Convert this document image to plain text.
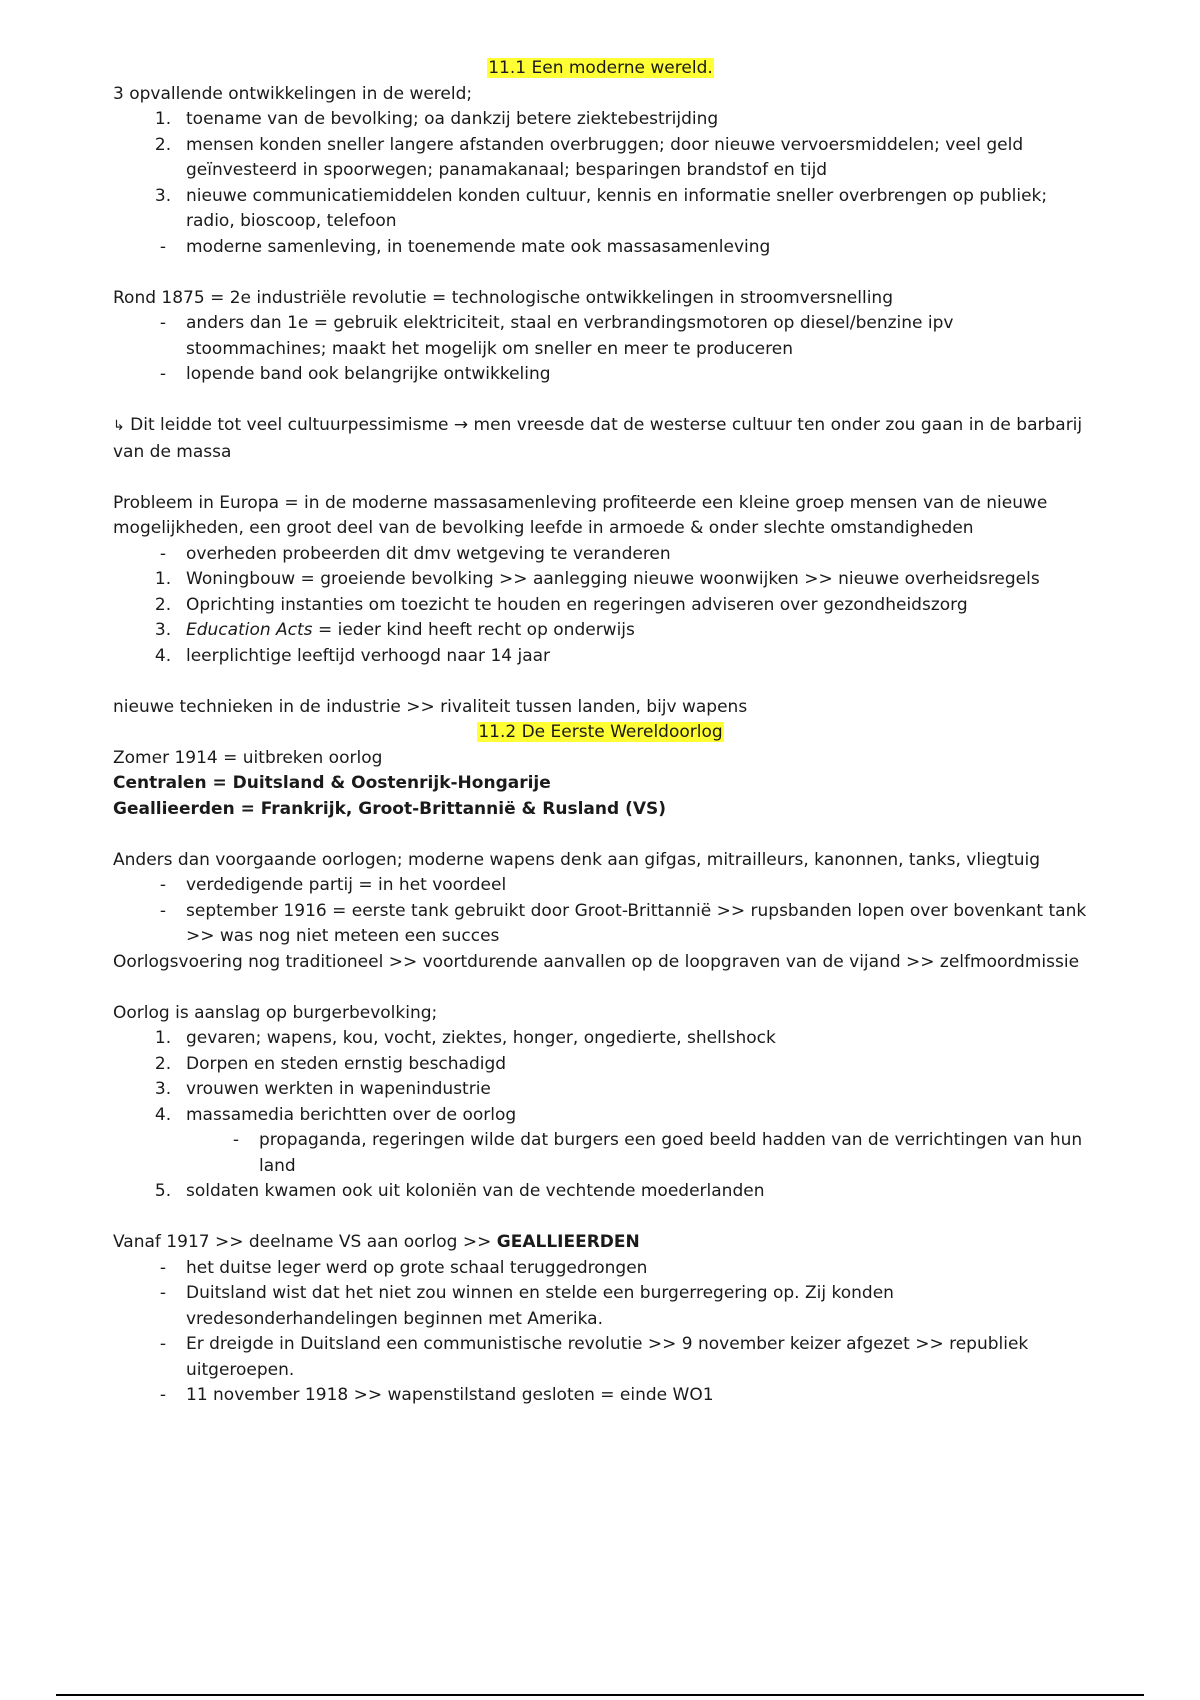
11.1 Een moderne wereld.
3 opvallende ontwikkelingen in de wereld;
1. toename van de bevolking; oa dankzij betere ziektebestrijding
2. mensen konden sneller langere afstanden overbruggen; door nieuwe vervoersmiddelen; veel geld geïnvesteerd in spoorwegen; panamakanaal; besparingen brandstof en tijd
3. nieuwe communicatiemiddelen konden cultuur, kennis en informatie sneller overbrengen op publiek; radio, bioscoop, telefoon
-	moderne samenleving, in toenemende mate ook massasamenleving
Rond 1875 = 2e industriële revolutie = technologische ontwikkelingen in stroomversnelling
-	anders dan 1e = gebruik elektriciteit, staal en verbrandingsmotoren op diesel/benzine ipv stoommachines; maakt het mogelijk om sneller en meer te produceren
-	lopende band ook belangrijke ontwikkeling
↳ Dit leidde tot veel cultuurpessimisme → men vreesde dat de westerse cultuur ten onder zou gaan in de barbarij van de massa
Probleem in Europa = in de moderne massasamenleving profiteerde een kleine groep mensen van de nieuwe mogelijkheden, een groot deel van de bevolking leefde in armoede & onder slechte omstandigheden
-	overheden probeerden dit dmv wetgeving te veranderen
1. Woningbouw = groeiende bevolking >> aanlegging nieuwe woonwijken >> nieuwe overheidsregels
2. Oprichting instanties om toezicht te houden en regeringen adviseren over gezondheidszorg
3. Education Acts = ieder kind heeft recht op onderwijs
4. leerplichtige leeftijd verhoogd naar 14 jaar
nieuwe technieken in de industrie >> rivaliteit tussen landen, bijv wapens
11.2 De Eerste Wereldoorlog
Zomer 1914 = uitbreken oorlog
Centralen = Duitsland & Oostenrijk-Hongarije
Geallieerden = Frankrijk, Groot-Brittannië & Rusland (VS)
Anders dan voorgaande oorlogen; moderne wapens denk aan gifgas, mitrailleurs, kanonnen, tanks, vliegtuig
-	verdedigende partij = in het voordeel
-	september 1916 = eerste tank gebruikt door Groot-Brittannië >> rupsbanden lopen over bovenkant tank >> was nog niet meteen een succes
Oorlogsvoering nog traditioneel >> voortdurende aanvallen op de loopgraven van de vijand >> zelfmoordmissie
Oorlog is aanslag op burgerbevolking;
1. gevaren; wapens, kou, vocht, ziektes, honger, ongedierte, shellshock
2. Dorpen en steden ernstig beschadigd
3. vrouwen werkten in wapenindustrie
4. massamedia berichtten over de oorlog
-	propaganda, regeringen wilde dat burgers een goed beeld hadden van de verrichtingen van hun land
5. soldaten kwamen ook uit koloniën van de vechtende moederlanden
Vanaf 1917 >> deelname VS aan oorlog >> GEALLIEERDEN
-	het duitse leger werd op grote schaal teruggedrongen
-	Duitsland wist dat het niet zou winnen en stelde een burgerregering op. Zij konden vredesonderhandelingen beginnen met Amerika.
-	Er dreigde in Duitsland een communistische revolutie >> 9 november keizer afgezet >> republiek uitgeroepen.
-	11 november 1918 >> wapenstilstand gesloten = einde WO1
